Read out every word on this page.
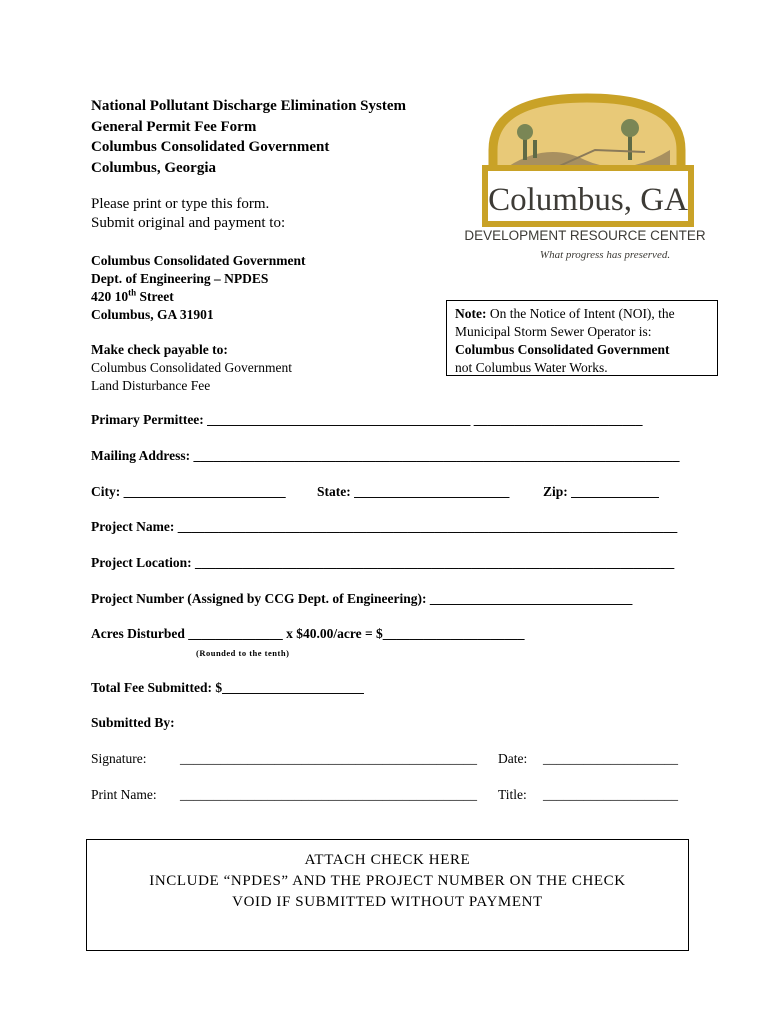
National Pollutant Discharge Elimination System
General Permit Fee Form
Columbus Consolidated Government
Columbus, Georgia
Please print or type this form.
Submit original and payment to:
Columbus, GA
DEVELOPMENT RESOURCE CENTER
What progress has preserved.
Columbus Consolidated Government
Dept. of Engineering – NPDES
420 10th Street
Columbus, GA 31901
Make check payable to:
Columbus Consolidated Government
Land Disturbance Fee
Note: On the Notice of Intent (NOI), the Municipal Storm Sewer Operator is:
Columbus Consolidated Government
not Columbus Water Works.
Primary Permittee: _______________________________________ _________________________
Mailing Address: ________________________________________________________________________
City: ________________________ State: _______________________ Zip: _____________
Project Name: __________________________________________________________________________
Project Location: _______________________________________________________________________
Project Number (Assigned by CCG Dept. of Engineering): ______________________________
Acres Disturbed ______________ x $40.00/acre = $_____________________
(Rounded to the tenth)
Total Fee Submitted: $_____________________
Submitted By:
Signature: ____________________________________________ Date: ____________________
Print Name: ____________________________________________ Title: ____________________
ATTACH CHECK HERE
INCLUDE “NPDES” AND THE PROJECT NUMBER ON THE CHECK
VOID IF SUBMITTED WITHOUT PAYMENT
